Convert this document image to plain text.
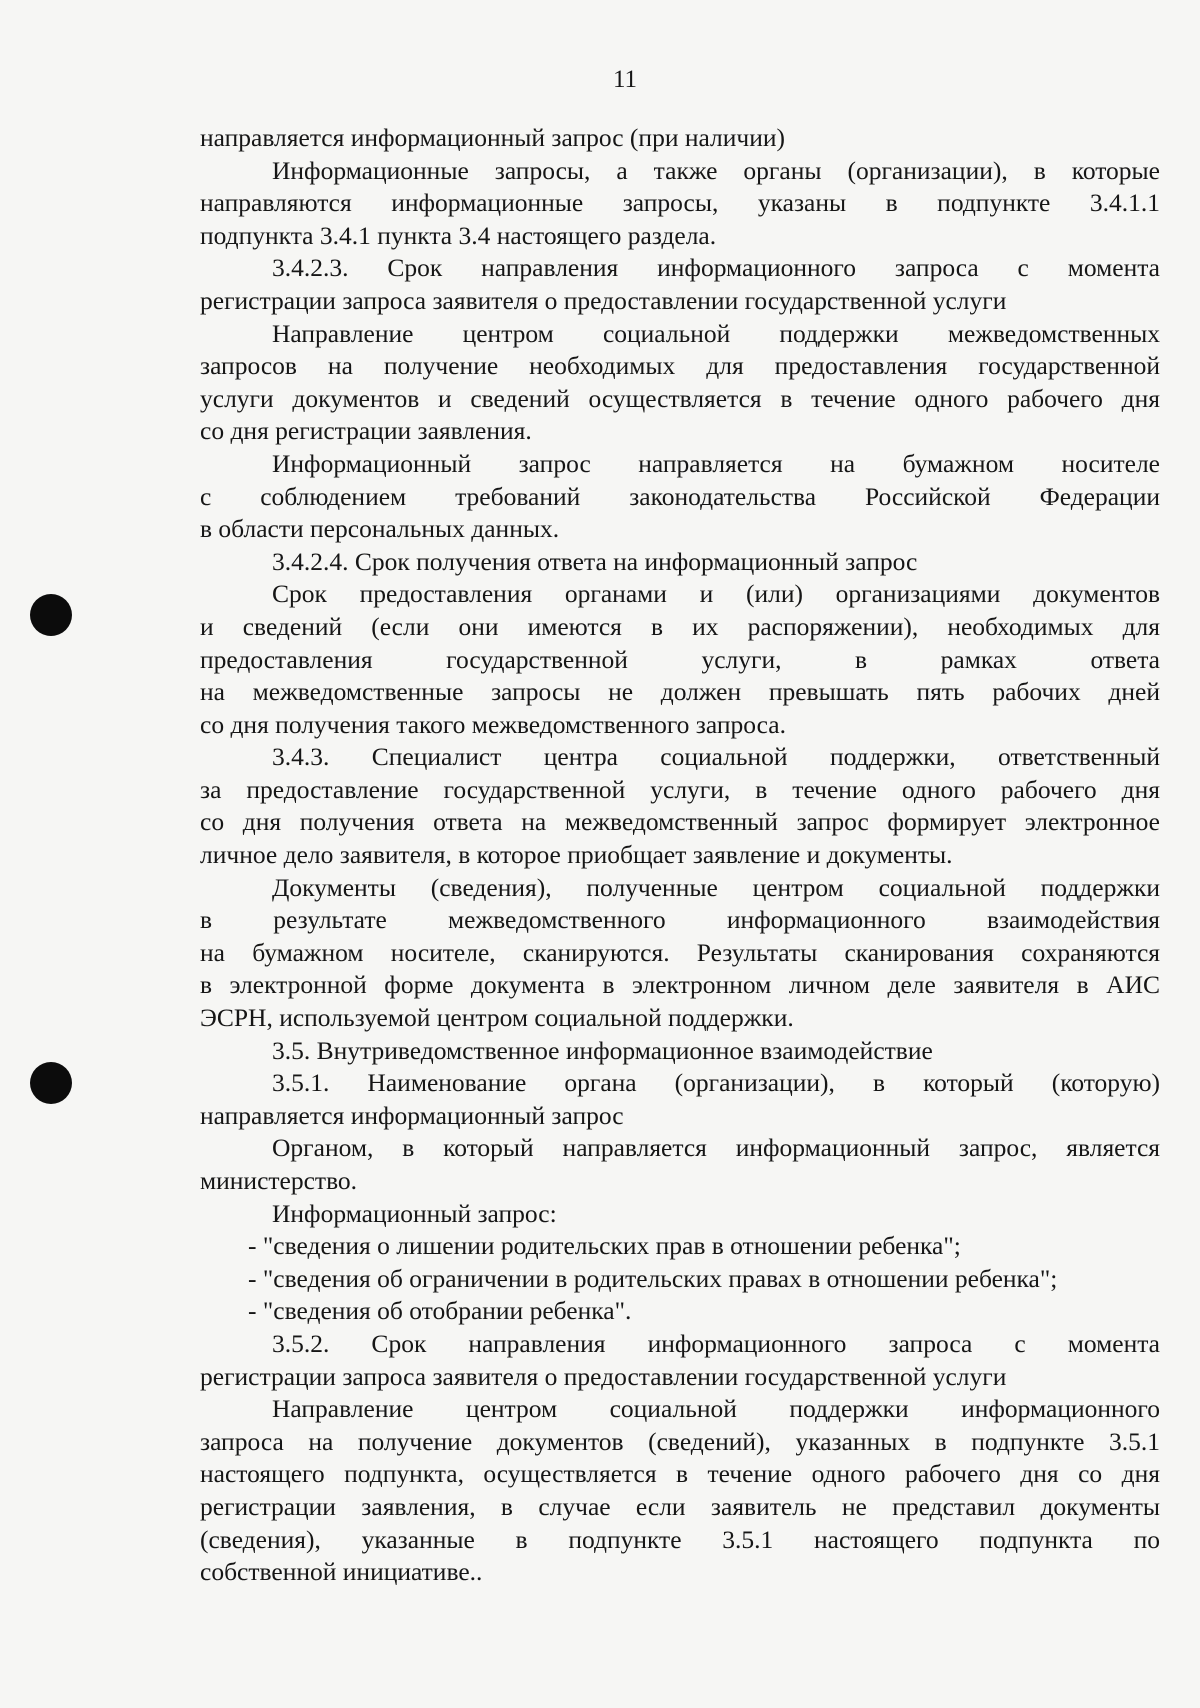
11
направляется информационный запрос (при наличии)
Информационные запросы, а также органы (организации), в которые
направляются информационные запросы, указаны в подпункте 3.4.1.1
подпункта 3.4.1 пункта 3.4 настоящего раздела.
3.4.2.3. Срок направления информационного запроса с момента
регистрации запроса заявителя о предоставлении государственной услуги
Направление центром социальной поддержки межведомственных
запросов на получение необходимых для предоставления государственной
услуги документов и сведений осуществляется в течение одного рабочего дня
со дня регистрации заявления.
Информационный запрос направляется на бумажном носителе
с соблюдением требований законодательства Российской Федерации
в области персональных данных.
3.4.2.4. Срок получения ответа на информационный запрос
Срок предоставления органами и (или) организациями документов
и сведений (если они имеются в их распоряжении), необходимых для
предоставления государственной услуги, в рамках ответа
на межведомственные запросы не должен превышать пять рабочих дней
со дня получения такого межведомственного запроса.
3.4.3. Специалист центра социальной поддержки, ответственный
за предоставление государственной услуги, в течение одного рабочего дня
со дня получения ответа на межведомственный запрос формирует электронное
личное дело заявителя, в которое приобщает заявление и документы.
Документы (сведения), полученные центром социальной поддержки
в результате межведомственного информационного взаимодействия
на бумажном носителе, сканируются. Результаты сканирования сохраняются
в электронной форме документа в электронном личном деле заявителя в АИС
ЭСРН, используемой центром социальной поддержки.
3.5. Внутриведомственное информационное взаимодействие
3.5.1. Наименование органа (организации), в который (которую)
направляется информационный запрос
Органом, в который направляется информационный запрос, является
министерство.
Информационный запрос:
- "сведения о лишении родительских прав в отношении ребенка";
- "сведения об ограничении в родительских правах в отношении ребенка";
- "сведения об отобрании ребенка".
3.5.2. Срок направления информационного запроса с момента
регистрации запроса заявителя о предоставлении государственной услуги
Направление центром социальной поддержки информационного
запроса на получение документов (сведений), указанных в подпункте 3.5.1
настоящего подпункта, осуществляется в течение одного рабочего дня со дня
регистрации заявления, в случае если заявитель не представил документы
(сведения), указанные в подпункте 3.5.1 настоящего подпункта по
собственной инициативе..
